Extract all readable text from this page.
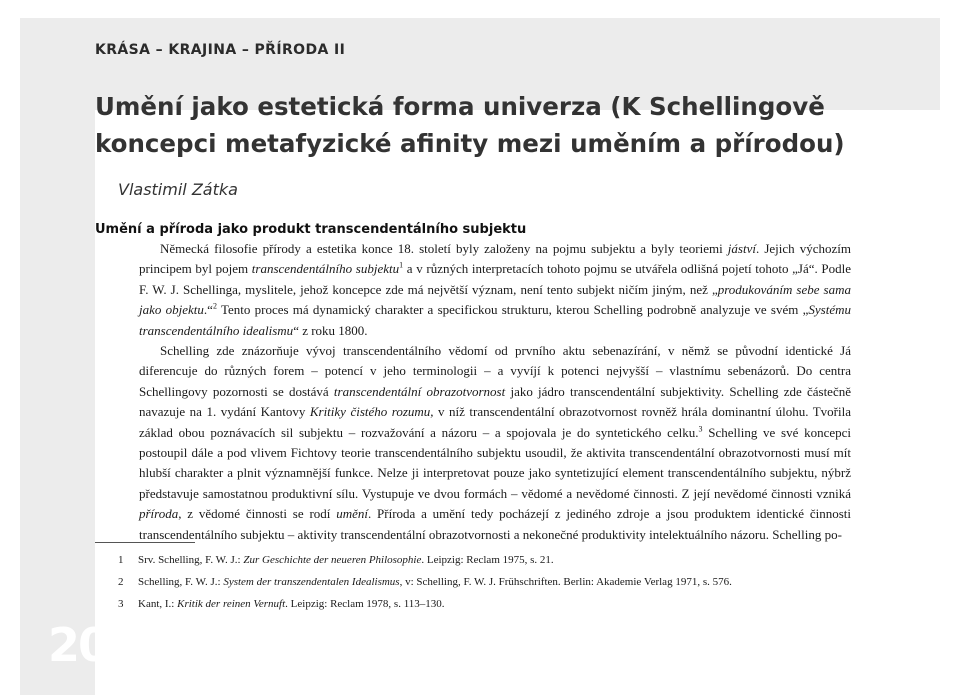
KRÁSA – KRAJINA – PŘÍRODA II
Umění jako estetická forma univerza (K Schellingově koncepci metafyzické afinity mezi uměním a přírodou)
Vlastimil Zátka
Umění a příroda jako produkt transcendentálního subjektu

Německá filosofie přírody a estetika konce 18. století byly založeny na pojmu subjektu a byly teoriemi jáství. Jejich výchozím principem byl pojem transcendentálního subjektu$^1$ a v různých interpretacích tohoto pojmu se utvářela odlišná pojetí tohoto „Já“. Podle F. W. J. Schellinga, myslitele, jehož koncepce zde má největší význam, není tento subjekt ničím jiným, než „produkováním sebe sama jako objektu.“$^2$ Tento proces má dynamický charakter a specifickou strukturu, kterou Schelling podrobně analyzuje ve svém „Systému transcendentálního idealismu“ z roku 1800.

Schelling zde znázorňuje vývoj transcendentálního vědomí od prvního aktu sebenazírání, v němž se původní identické Já diferencuje do různých forem – potencí v jeho terminologii – a vyvíjí k potenci nejvyšší – vlastnímu sebenázorů. Do centra Schellingovy pozornosti se dostává transcendentální obrazotvornost jako jádro transcendentální subjektivity. Schelling zde částečně navazuje na 1. vydání Kantovy Kritiky čistého rozumu, v níž transcendentální obrazotvornost rovněž hrála dominantní úlohu. Tvořila základ obou poznávacích sil subjektu – rozvažování a názoru – a spojovala je do syntetického celku.$^3$ Schelling ve své koncepci postoupil dále a pod vlivem Fichtovy teorie transcendentálního subjektu usoudil, že aktivita transcendentální obrazotvornosti musí mít hlubší charakter a plnit významnější funkce. Nelze ji interpretovat pouze jako syntetizující element transcendentálního subjektu, nýbrž představuje samostatnou produktivní sílu. Vystupuje ve dvou formách – vědomé a nevědomé činnosti. Z její nevědomé činnosti vzniká příroda, z vědomé činnosti se rodí umění. Příroda a umění tedy pocházejí z jediného zdroje a jsou produktem identické činnosti transcendentálního subjektu – aktivity transcendentální obrazotvornosti a nekonečné produktivity intelektuálního názoru. Schelling po-

1	Srv. Schelling, F. W. J.: Zur Geschichte der neueren Philosophie. Leipzig: Reclam 1975, s. 21.
2	Schelling, F. W. J.: System der transzendentalen Idealismus, v: Schelling, F. W. J. Frühschriften. Berlin: Akademie Verlag 1971, s. 576.
3	Kant, I.: Kritik der reinen Vernuft. Leipzig: Reclam 1978, s. 113–130.
20
